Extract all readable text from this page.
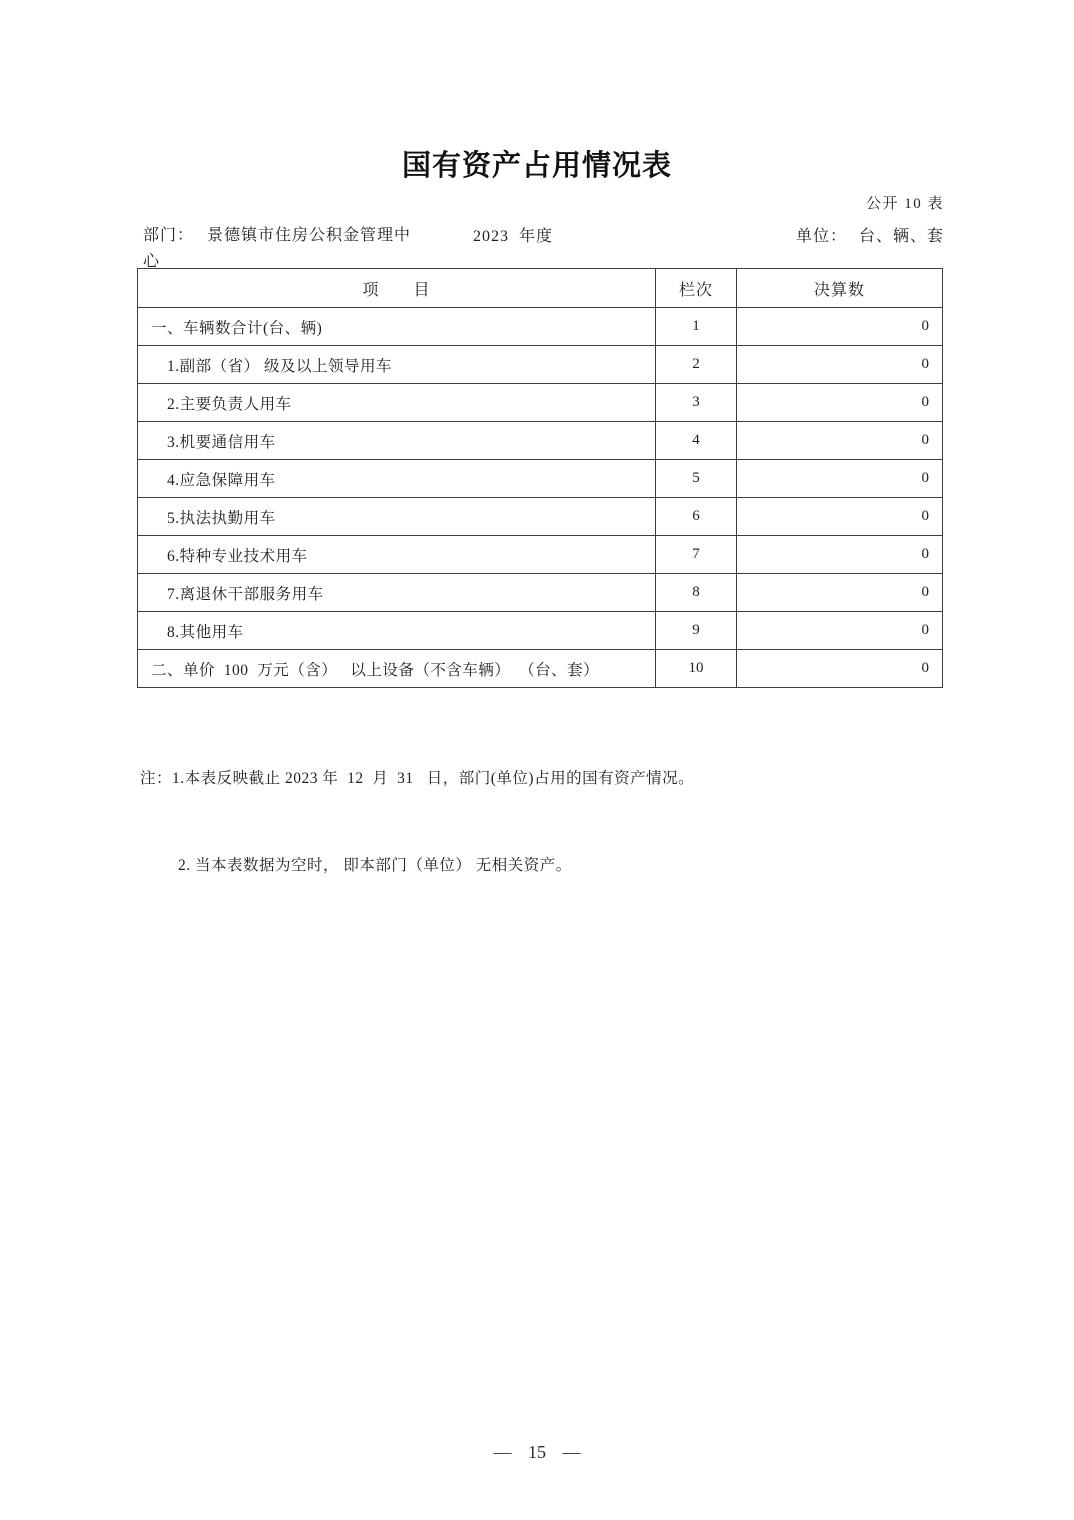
国有资产占用情况表
公开 10 表
部门： 景德镇市住房公积金管理中心
2023  年度	单位： 台、辆、套
项　　目	栏次	决算数
一、车辆数合计(台、辆)	1	0
1.副部（省） 级及以上领导用车	2	0
2.主要负责人用车	3	0
3.机要通信用车	4	0
4.应急保障用车	5	0
5.执法执勤用车	6	0
6.特种专业技术用车	7	0
7.离退休干部服务用车	8	0
8.其他用车	9	0
二、单价  100  万元（含）   以上设备（不含车辆）  （台、套）	10	0

注：1.本表反映截止 2023 年  12  月  31   日，部门(单位)占用的国有资产情况。

2. 当本表数据为空时， 即本部门（单位） 无相关资产。

— 15 —
